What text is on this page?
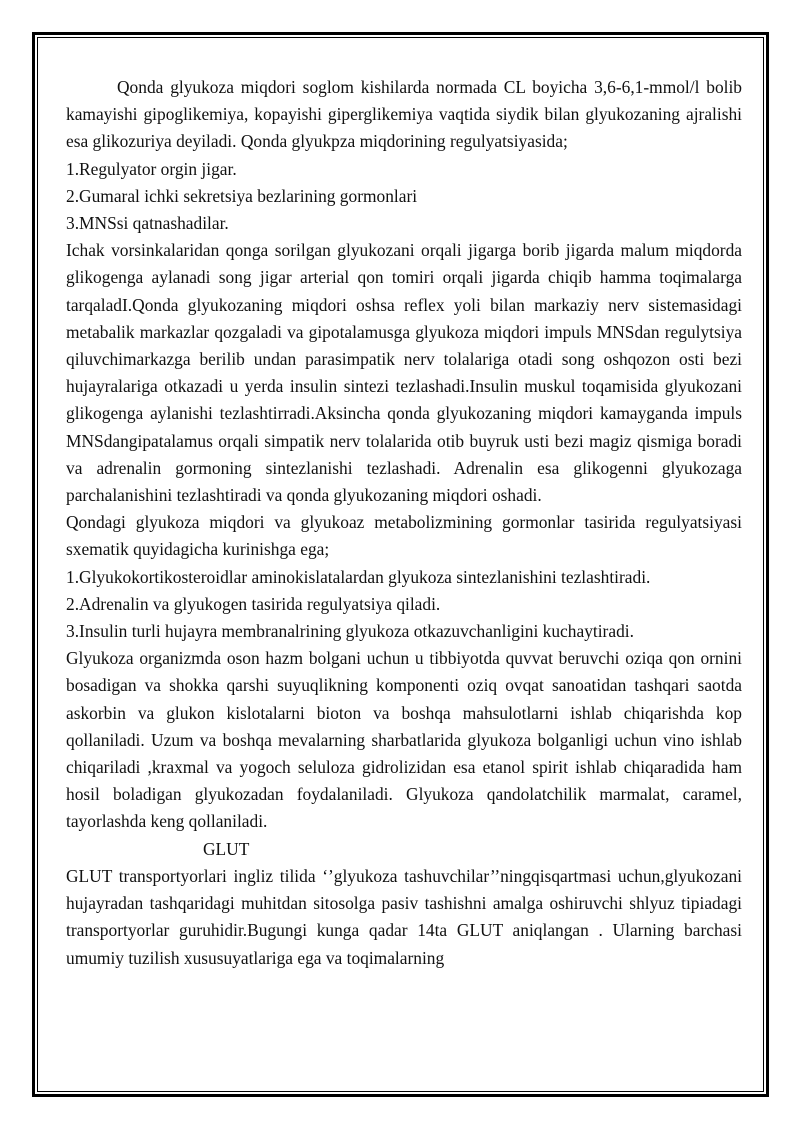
Qonda glyukoza miqdori soglom kishilarda normada CL boyicha 3,6-6,1-mmol/l bolib kamayishi gipoglikemiya, kopayishi giperglikemiya vaqtida siydik bilan glyukozaning ajralishi esa glikozuriya deyiladi. Qonda glyukpza miqdorining regulyatsiyasida;

1.Regulyator orgin jigar.

2.Gumaral ichki sekretsiya bezlarining gormonlari

3.MNSsi qatnashadilar.

Ichak vorsinkalaridan qonga sorilgan glyukozani orqali jigarga borib jigarda malum miqdorda glikogenga aylanadi song jigar arterial qon tomiri orqali jigarda chiqib hamma toqimalarga tarqaladI.Qonda glyukozaning miqdori oshsa reflex yoli bilan markaziy nerv sistemasidagi metabalik markazlar qozgaladi va gipotalamusga glyukoza miqdori impuls MNSdan regulytsiya qiluvchimarkazga berilib undan parasimpatik nerv tolalariga otadi song oshqozon osti bezi hujayralariga otkazadi u yerda insulin sintezi tezlashadi.Insulin muskul toqamisida glyukozani glikogenga aylanishi tezlashtirradi.Aksincha qonda glyukozaning miqdori kamayganda impuls MNSdangipatalamus orqali simpatik nerv tolalarida otib buyruk usti bezi magiz qismiga boradi va adrenalin gormoning sintezlanishi tezlashadi. Adrenalin esa glikogenni glyukozaga parchalanishini tezlashtiradi va qonda glyukozaning miqdori oshadi.

Qondagi glyukoza miqdori va glyukoaz metabolizmining gormonlar tasirida regulyatsiyasi sxematik quyidagicha kurinishga ega;

1.Glyukokortikosteroidlar aminokislatalardan glyukoza sintezlanishini tezlashtiradi.

2.Adrenalin va glyukogen tasirida regulyatsiya qiladi.

3.Insulin turli hujayra membranalrining glyukoza otkazuvchanligini kuchaytiradi.

Glyukoza organizmda oson hazm bolgani uchun u tibbiyotda quvvat beruvchi oziqa qon ornini bosadigan va shokka qarshi suyuqlikning komponenti oziq ovqat sanoatidan tashqari saotda askorbin va glukon kislotalarni bioton va boshqa mahsulotlarni ishlab chiqarishda kop qollaniladi. Uzum va boshqa mevalarning sharbatlarida glyukoza bolganligi uchun vino ishlab chiqariladi ,kraxmal va yogoch seluloza gidrolizidan esa etanol spirit ishlab chiqaradida ham hosil boladigan glyukozadan foydalaniladi. Glyukoza qandolatchilik marmalat, caramel, tayorlashda keng qollaniladi.

GLUT

GLUT transportyorlari ingliz tilida ‘’glyukoza tashuvchilar’’ningqisqartmasi uchun,glyukozani hujayradan tashqaridagi muhitdan sitosolga pasiv tashishni amalga oshiruvchi shlyuz tipiadagi transportyorlar guruhidir.Bugungi kunga qadar 14ta GLUT aniqlangan . Ularning barchasi umumiy tuzilish xususuyatlariga ega va toqimalarning
